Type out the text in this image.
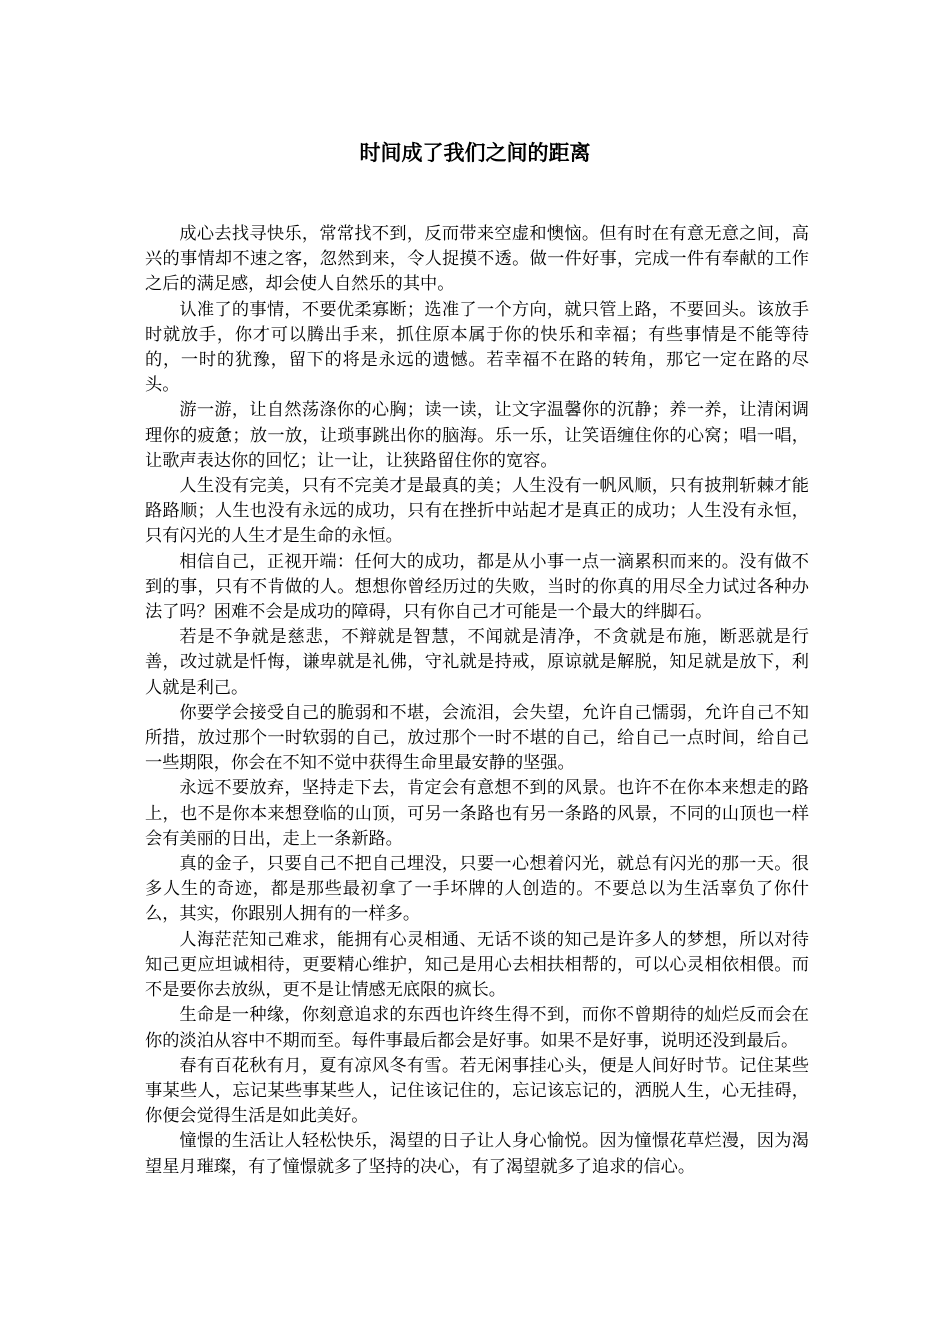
时间成了我们之间的距离

成心去找寻快乐，常常找不到，反而带来空虚和懊恼。但有时在有意无意之间，高兴的事情却不速之客，忽然到来，令人捉摸不透。做一件好事，完成一件有奉献的工作之后的满足感，却会使人自然乐的其中。

认准了的事情，不要优柔寡断；选准了一个方向，就只管上路，不要回头。该放手时就放手，你才可以腾出手来，抓住原本属于你的快乐和幸福；有些事情是不能等待的，一时的犹豫，留下的将是永远的遗憾。若幸福不在路的转角，那它一定在路的尽头。

游一游，让自然荡涤你的心胸；读一读，让文字温馨你的沉静；养一养，让清闲调理你的疲惫；放一放，让琐事跳出你的脑海。乐一乐，让笑语缠住你的心窝；唱一唱，让歌声表达你的回忆；让一让，让狭路留住你的宽容。

人生没有完美，只有不完美才是最真的美；人生没有一帆风顺，只有披荆斩棘才能路路顺；人生也没有永远的成功，只有在挫折中站起才是真正的成功；人生没有永恒，只有闪光的人生才是生命的永恒。

相信自己，正视开端：任何大的成功，都是从小事一点一滴累积而来的。没有做不到的事，只有不肯做的人。想想你曾经历过的失败，当时的你真的用尽全力试过各种办法了吗？困难不会是成功的障碍，只有你自己才可能是一个最大的绊脚石。

若是不争就是慈悲，不辩就是智慧，不闻就是清净，不贪就是布施，断恶就是行善，改过就是忏悔，谦卑就是礼佛，守礼就是持戒，原谅就是解脱，知足就是放下，利人就是利己。

你要学会接受自己的脆弱和不堪，会流泪，会失望，允许自己懦弱，允许自己不知所措，放过那个一时软弱的自己，放过那个一时不堪的自己，给自己一点时间，给自己一些期限，你会在不知不觉中获得生命里最安静的坚强。

永远不要放弃，坚持走下去，肯定会有意想不到的风景。也许不在你本来想走的路上，也不是你本来想登临的山顶，可另一条路也有另一条路的风景，不同的山顶也一样会有美丽的日出，走上一条新路。

真的金子，只要自己不把自己埋没，只要一心想着闪光，就总有闪光的那一天。很多人生的奇迹，都是那些最初拿了一手坏牌的人创造的。不要总以为生活辜负了你什么，其实，你跟别人拥有的一样多。

人海茫茫知己难求，能拥有心灵相通、无话不谈的知己是许多人的梦想，所以对待知己更应坦诚相待，更要精心维护，知己是用心去相扶相帮的，可以心灵相依相偎。而不是要你去放纵，更不是让情感无底限的疯长。

生命是一种缘，你刻意追求的东西也许终生得不到，而你不曾期待的灿烂反而会在你的淡泊从容中不期而至。每件事最后都会是好事。如果不是好事，说明还没到最后。

春有百花秋有月，夏有凉风冬有雪。若无闲事挂心头，便是人间好时节。记住某些事某些人，忘记某些事某些人，记住该记住的，忘记该忘记的，洒脱人生，心无挂碍，你便会觉得生活是如此美好。

憧憬的生活让人轻松快乐，渴望的日子让人身心愉悦。因为憧憬花草烂漫，因为渴望星月璀璨，有了憧憬就多了坚持的决心，有了渴望就多了追求的信心。
